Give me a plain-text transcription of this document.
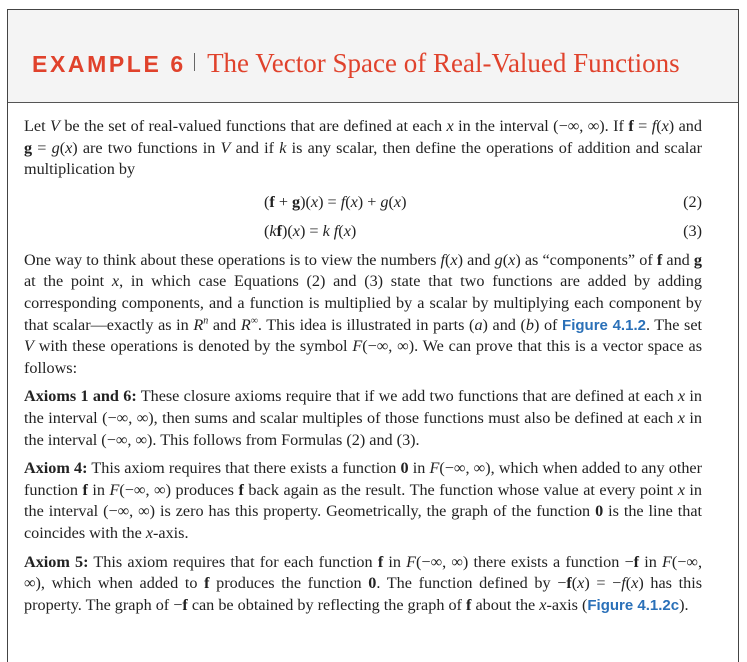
EXAMPLE 6 The Vector Space of Real-Valued Functions

Let V be the set of real-valued functions that are defined at each x in the interval (−∞, ∞). If f = f(x) and g = g(x) are two functions in V and if k is any scalar, then define the operations of addition and scalar multiplication by

(f + g)(x) = f(x) + g(x)	(2)
(kf)(x) = k f(x)	(3)

One way to think about these operations is to view the numbers f(x) and g(x) as “components” of f and g at the point x, in which case Equations (2) and (3) state that two functions are added by adding corresponding components, and a function is multiplied by a scalar by multiplying each component by that scalar—exactly as in $R^n$ and R∞. This idea is illustrated in parts (a) and (b) of Figure 4.1.2. The set V with these operations is denoted by the symbol F(−∞, ∞). We can prove that this is a vector space as follows:

Axioms 1 and 6: These closure axioms require that if we add two functions that are defined at each x in the interval (−∞, ∞), then sums and scalar multiples of those functions must also be defined at each x in the interval (−∞, ∞). This follows from Formulas (2) and (3).

Axiom 4: This axiom requires that there exists a function 0 in F(−∞, ∞), which when added to any other function f in F(−∞, ∞) produces f back again as the result. The function whose value at every point x in the interval (−∞, ∞) is zero has this property. Geometrically, the graph of the function 0 is the line that coincides with the x-axis.

Axiom 5: This axiom requires that for each function f in F(−∞, ∞) there exists a function −f in F(−∞, ∞), which when added to f produces the function 0. The function defined by −f(x) = −f(x) has this property. The graph of −f can be obtained by reflecting the graph of f about the x-axis (Figure 4.1.2c).
